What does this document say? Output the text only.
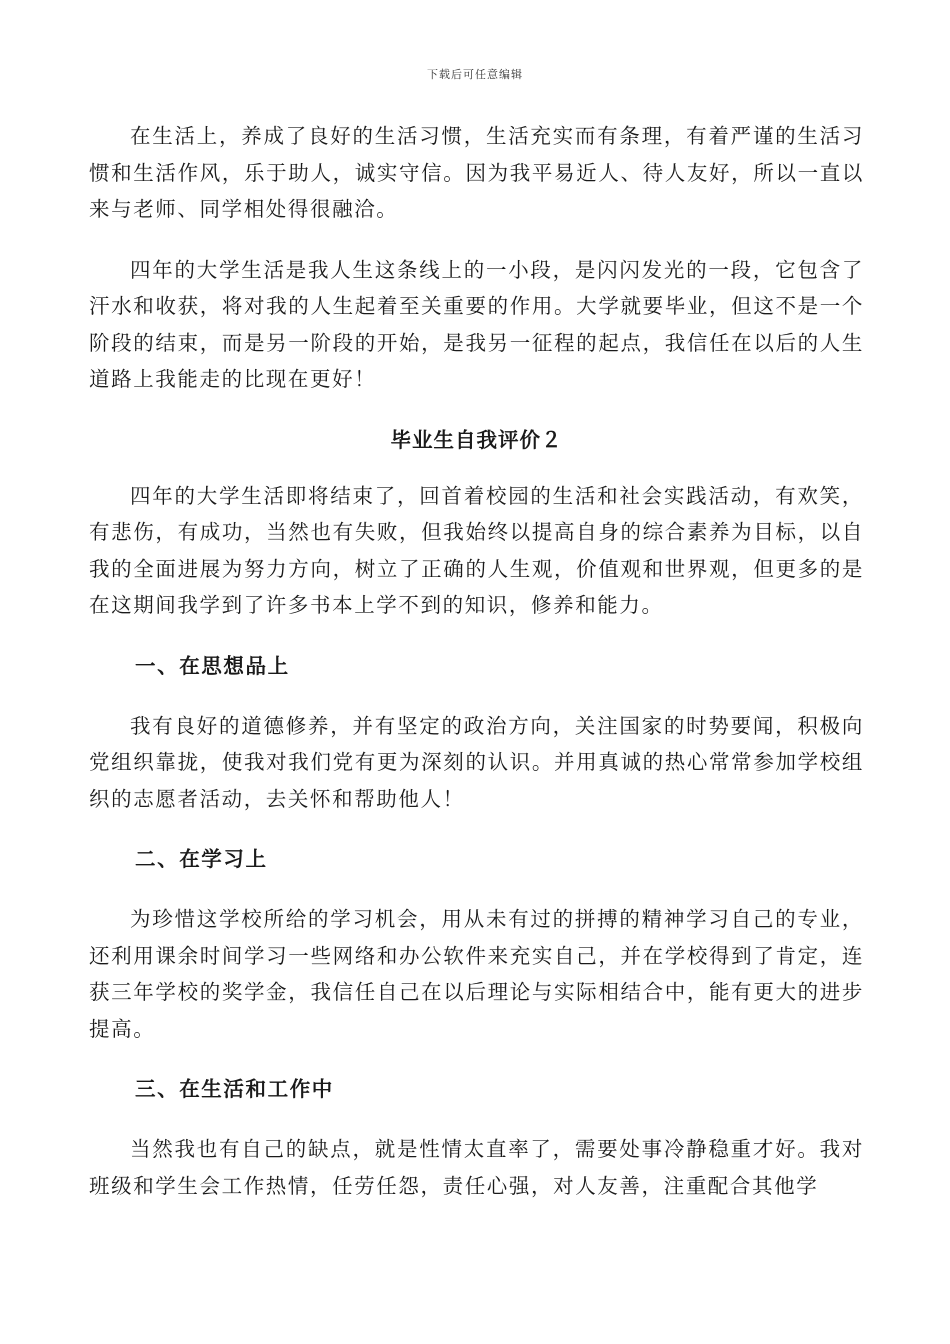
下载后可任意编辑

在生活上，养成了良好的生活习惯，生活充实而有条理，有着严谨的生活习惯和生活作风，乐于助人，诚实守信。因为我平易近人、待人友好，所以一直以来与老师、同学相处得很融洽。

四年的大学生活是我人生这条线上的一小段，是闪闪发光的一段，它包含了汗水和收获，将对我的人生起着至关重要的作用。大学就要毕业，但这不是一个阶段的结束，而是另一阶段的开始，是我另一征程的起点，我信任在以后的人生道路上我能走的比现在更好！

毕业生自我评价２

四年的大学生活即将结束了，回首着校园的生活和社会实践活动，有欢笑，有悲伤，有成功，当然也有失败，但我始终以提高自身的综合素养为目标，以自我的全面进展为努力方向，树立了正确的人生观，价值观和世界观，但更多的是在这期间我学到了许多书本上学不到的知识，修养和能力。

一、在思想品上

我有良好的道德修养，并有坚定的政治方向，关注国家的时势要闻，积极向党组织靠拢，使我对我们党有更为深刻的认识。并用真诚的热心常常参加学校组织的志愿者活动，去关怀和帮助他人！

二、在学习上

为珍惜这学校所给的学习机会，用从未有过的拼搏的精神学习自己的专业，还利用课余时间学习一些网络和办公软件来充实自己，并在学校得到了肯定，连获三年学校的奖学金，我信任自己在以后理论与实际相结合中，能有更大的进步提高。

三、在生活和工作中

当然我也有自己的缺点，就是性情太直率了，需要处事冷静稳重才好。我对班级和学生会工作热情，任劳任怨，责任心强，对人友善，注重配合其他学
